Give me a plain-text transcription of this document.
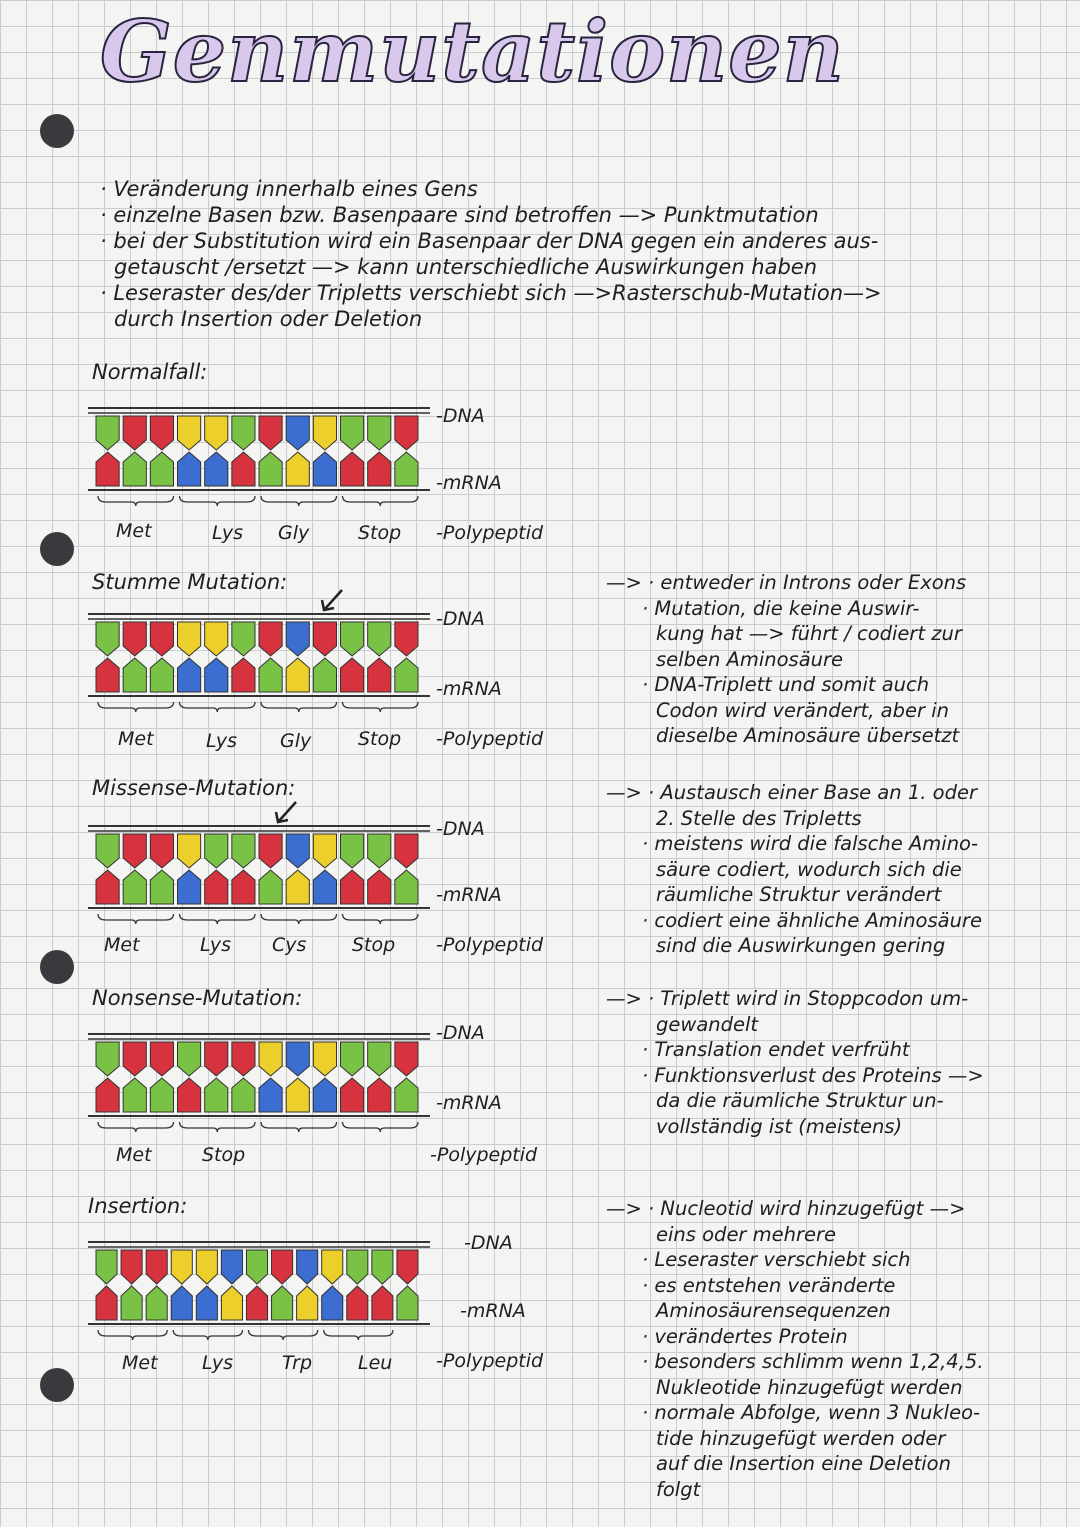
Genmutationen
· Veränderung innerhalb eines Gens
· einzelne Basen bzw. Basenpaare sind betroffen —> Punktmutation
· bei der Substitution wird ein Basenpaar der DNA gegen ein anderes aus-
getauscht /ersetzt —> kann unterschiedliche Auswirkungen haben
· Leseraster des/der Tripletts verschiebt sich —>Rasterschub-Mutation—>
durch Insertion oder Deletion
Normalfall:
-DNA
-mRNA
-Polypeptid
Met	Lys Gly	Stop
Stumme Mutation:
-DNA
-mRNA
-Polypeptid
Met	Lys Gly Stop
—> · entweder in Introns oder Exons
· Mutation, die keine Auswir-
kung hat —> führt / codiert zur
selben Aminosäure
· DNA-Triplett und somit auch
Codon wird verändert, aber in
dieselbe Aminosäure übersetzt
Missense-Mutation:
-DNA
-mRNA
-Polypeptid
Met	Lys Cys Stop
—> · Austausch einer Base an 1. oder
2. Stelle des Tripletts
· meistens wird die falsche Amino-
säure codiert, wodurch sich die
räumliche Struktur verändert
· codiert eine ähnliche Aminosäure
sind die Auswirkungen gering
Nonsense-Mutation:
-DNA
-mRNA
-Polypeptid
Met	Stop
—> · Triplett wird in Stoppcodon um-
gewandelt
· Translation endet verfrüht
· Funktionsverlust des Proteins —>
da die räumliche Struktur un-
vollständig ist (meistens)
Insertion:
-DNA
-mRNA
-Polypeptid
Met Lys	Trp Leu
—> · Nucleotid wird hinzugefügt —>
eins oder mehrere
· Leseraster verschiebt sich
· es entstehen veränderte
Aminosäurensequenzen
· verändertes Protein
· besonders schlimm wenn 1,2,4,5.
Nukleotide hinzugefügt werden
· normale Abfolge, wenn 3 Nukleo-
tide hinzugefügt werden oder
auf die Insertion eine Deletion
folgt
